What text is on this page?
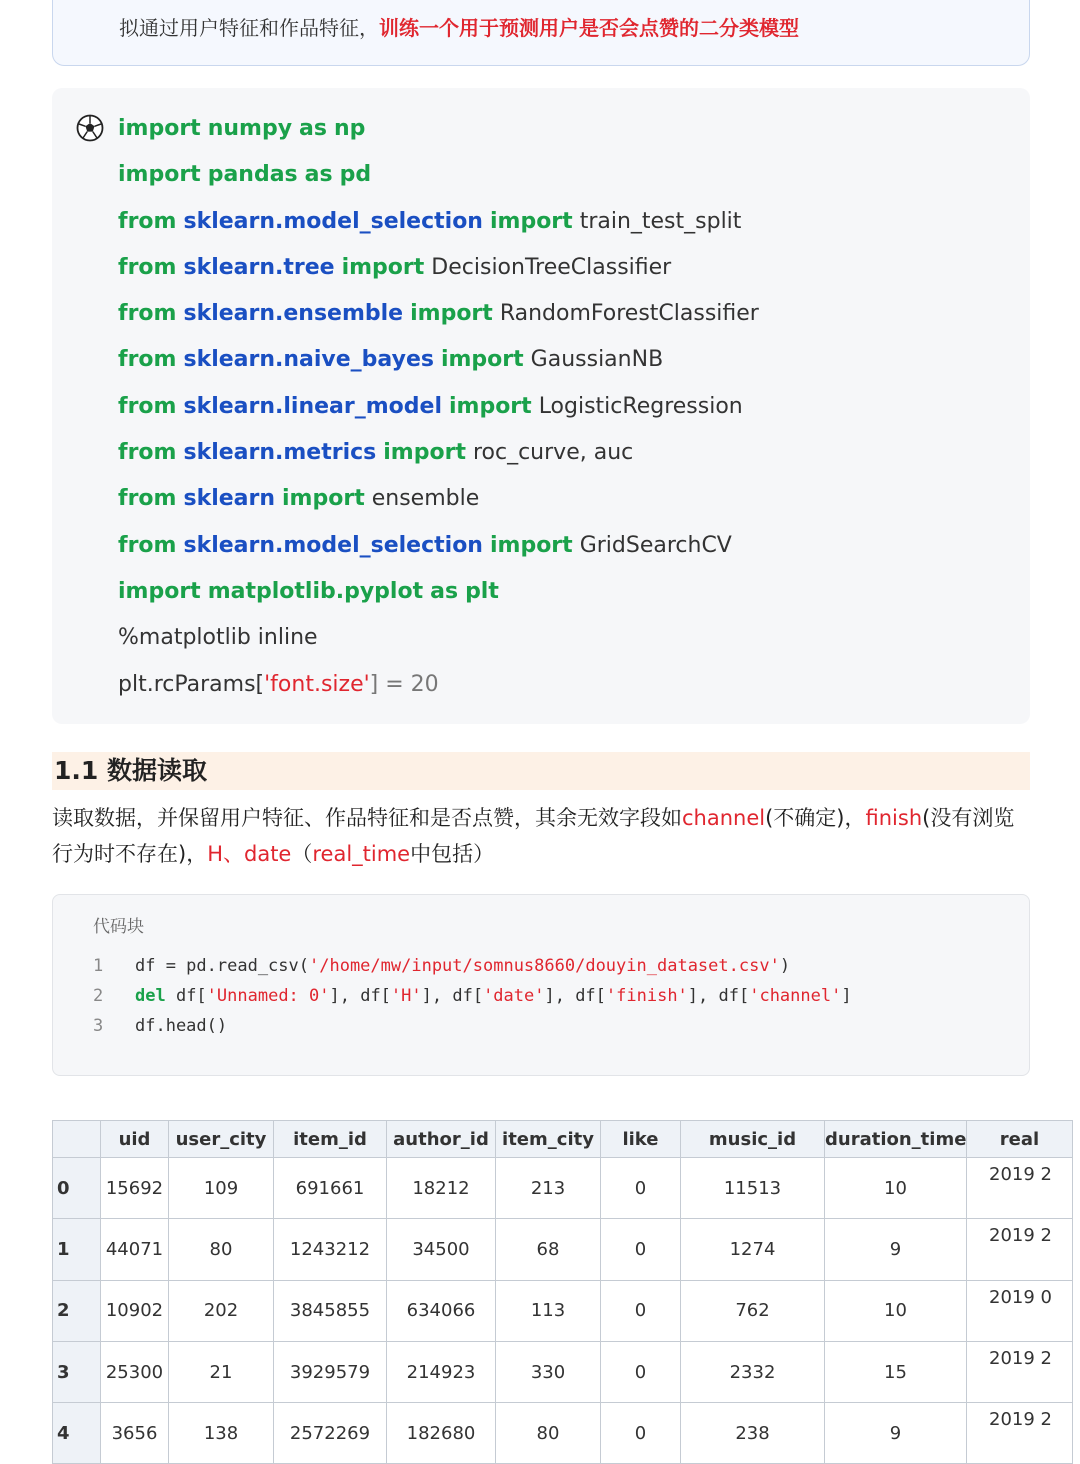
拟通过用户特征和作品特征，训练一个用于预测用户是否会点赞的二分类模型
import numpy as np
import pandas as pd
from sklearn.model_selection import train_test_split
from sklearn.tree import DecisionTreeClassifier
from sklearn.ensemble import RandomForestClassifier
from sklearn.naive_bayes import GaussianNB
from sklearn.linear_model import LogisticRegression
from sklearn.metrics import roc_curve, auc
from sklearn import ensemble
from sklearn.model_selection import GridSearchCV
import matplotlib.pyplot as plt
%matplotlib inline
plt.rcParams['font.size'] = 20
1.1 数据读取
读取数据，并保留用户特征、作品特征和是否点赞，其余无效字段如channel(不确定)，finish(没有浏览行为时不存在)，H、date（real_time中包括）
代码块
1 df = pd.read_csv('/home/mw/input/somnus8660/douyin_dataset.csv')
2 del df['Unnamed: 0'], df['H'], df['date'], df['finish'], df['channel']
3 df.head()
	uid	user_city	item_id	author_id	item_city	like	music_id	duration_time	real
0	15692	109	691661	18212	213	0	11513	10	2019 2

1	44071	80	1243212	34500	68	0	1274	9	2019 2

2	10902	202	3845855	634066	113	0	762	10	2019 0

3	25300	21	3929579	214923	330	0	2332	15	2019 2

4	3656	138	2572269	182680	80	0	238	9	2019 2
